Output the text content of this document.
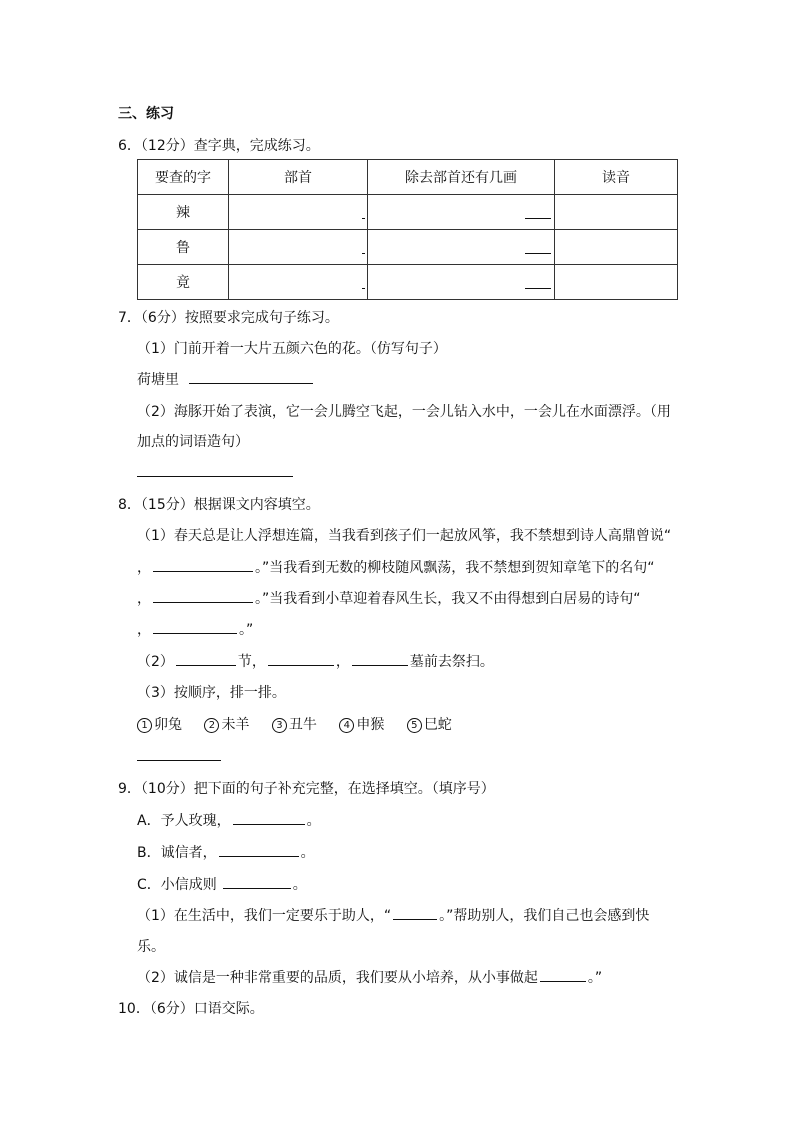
三、练习
6．（12分）查字典，完成练习。
要查的字	部首	除去部首还有几画	读音
辣	

鲁	

竟	

7．（6分）按照要求完成句子练习。
（1）门前开着一大片五颜六色的花。（仿写句子）
荷塘里
（2）海豚开始了表演，它一会儿腾空飞起，一会儿钻入水中，一会儿在水面漂浮。（用
加点的词语造句）
8．（15分）根据课文内容填空。
（1）春天总是让人浮想连篇，当我看到孩子们一起放风筝，我不禁想到诗人高鼎曾说“
，	。”当我看到无数的柳枝随风飘荡，我不禁想到贺知章笔下的名句“
，	。”当我看到小草迎着春风生长，我又不由得想到白居易的诗句“
，	。”
（2）	节，	，	墓前去祭扫。
（3）按顺序，排一排。
1 卯兔	2 未羊	3 丑牛	4 申猴	5 巳蛇
9．（10分）把下面的句子补充完整，在选择填空。（填序号）
A．予人玫瑰，	。
B．诚信者，	。
C．小信成则	。
（1）在生活中，我们一定要乐于助人，“	。”帮助别人，我们自己也会感到快
乐。
（2）诚信是一种非常重要的品质，我们要从小培养，从小事做起	。”
10．（6分）口语交际。
